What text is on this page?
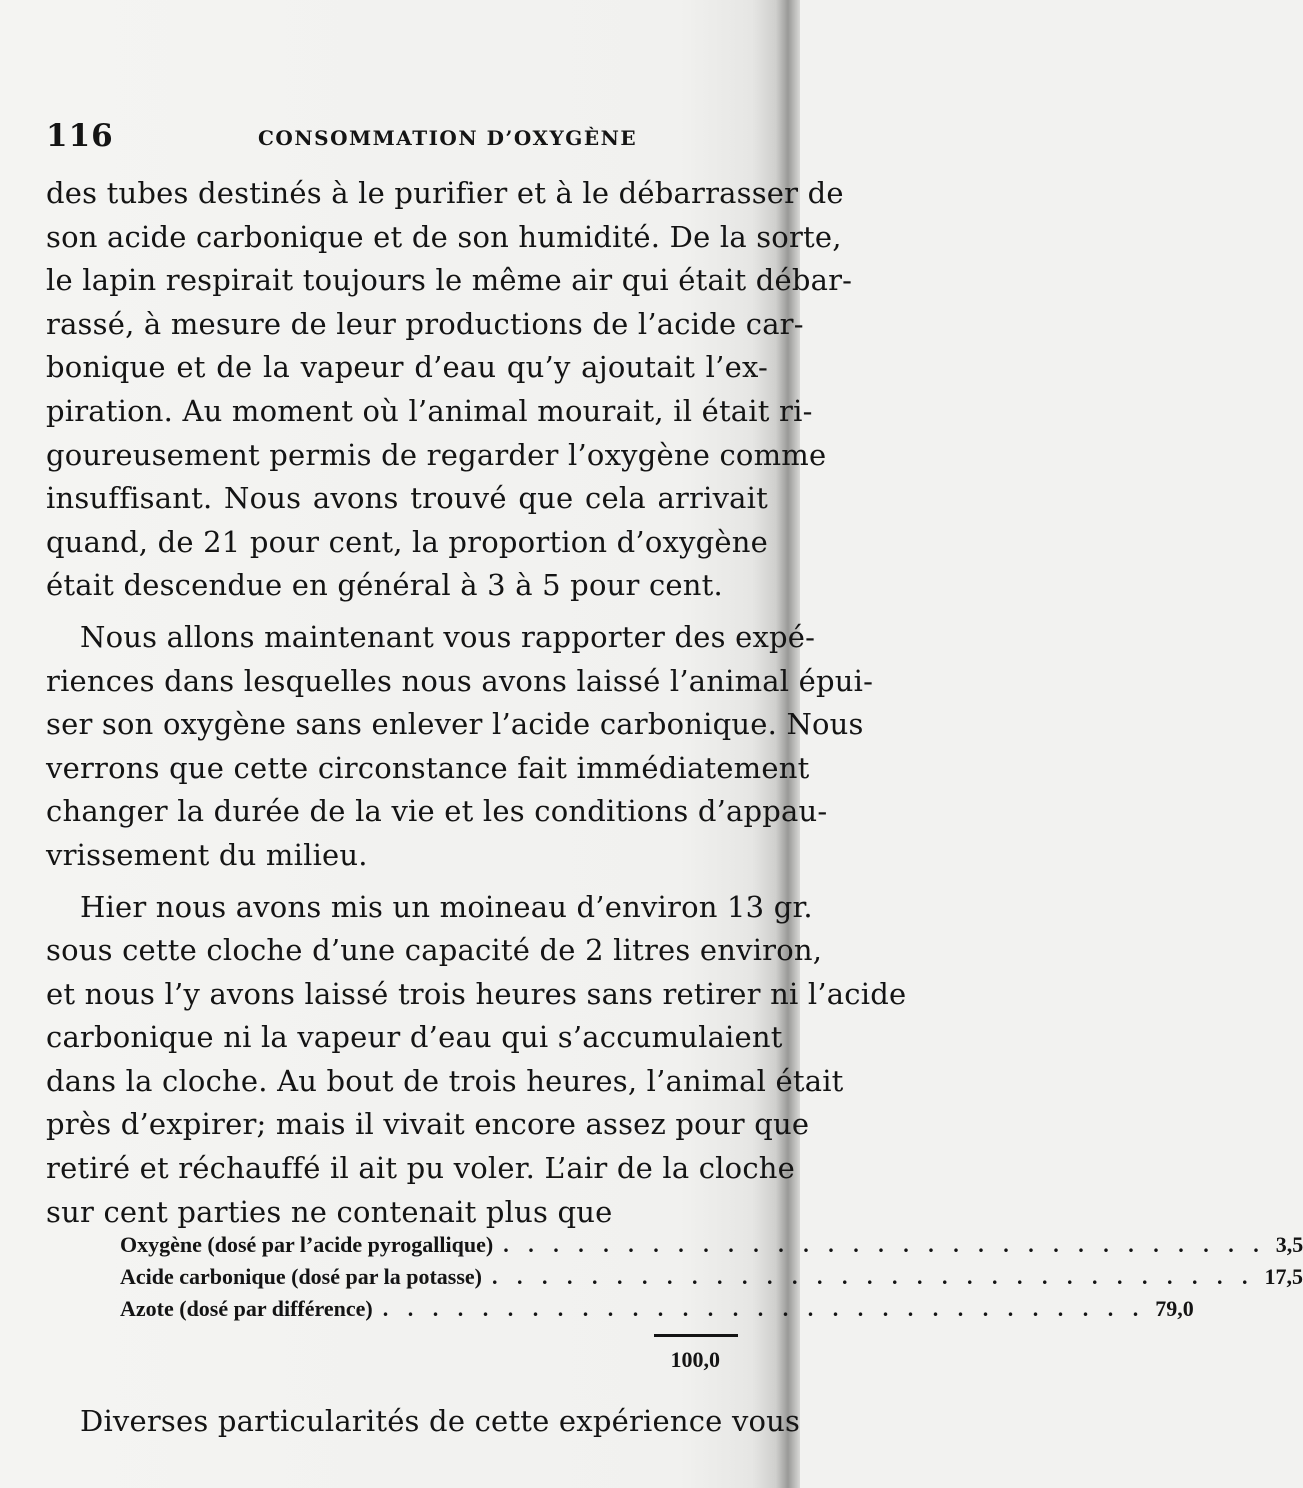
116	CONSOMMATION D’OXYGÈNE
des tubes destinés à le purifier et à le débarrasser de
son acide carbonique et de son humidité. De la sorte,
le lapin respirait toujours le même air qui était débar-
rassé, à mesure de leur productions de l’acide car-
bonique et de la vapeur d’eau qu’y ajoutait l’ex-
piration. Au moment où l’animal mourait, il était ri-
goureusement permis de regarder l’oxygène comme
insuffisant. Nous avons trouvé que cela arrivait
quand, de 21 pour cent, la proportion d’oxygène
était descendue en général à 3 à 5 pour cent.
Nous allons maintenant vous rapporter des expé-
riences dans lesquelles nous avons laissé l’animal épui-
ser son oxygène sans enlever l’acide carbonique. Nous
verrons que cette circonstance fait immédiatement
changer la durée de la vie et les conditions d’appau-
vrissement du milieu.
Hier nous avons mis un moineau d’environ 13 gr.
sous cette cloche d’une capacité de 2 litres environ,
et nous l’y avons laissé trois heures sans retirer ni l’acide
carbonique ni la vapeur d’eau qui s’accumulaient
dans la cloche. Au bout de trois heures, l’animal était
près d’expirer; mais il vivait encore assez pour que
retiré et réchauffé il ait pu voler. L’air de la cloche
sur cent parties ne contenait plus que
Oxygène (dosé par l’acide pyrogallique) . . . . . . . . . . . . . . . . . . . . . . . . . . . . . . . 3,5
Acide carbonique (dosé par la potasse) . . . . . . . . . . . . . . . . . . . . . . . . . . . . . . . 17,5
Azote (dosé par différence) . . . . . . . . . . . . . . . . . . . . . . . . . . . . . . . 79,0
100,0
Diverses particularités de cette expérience vous
